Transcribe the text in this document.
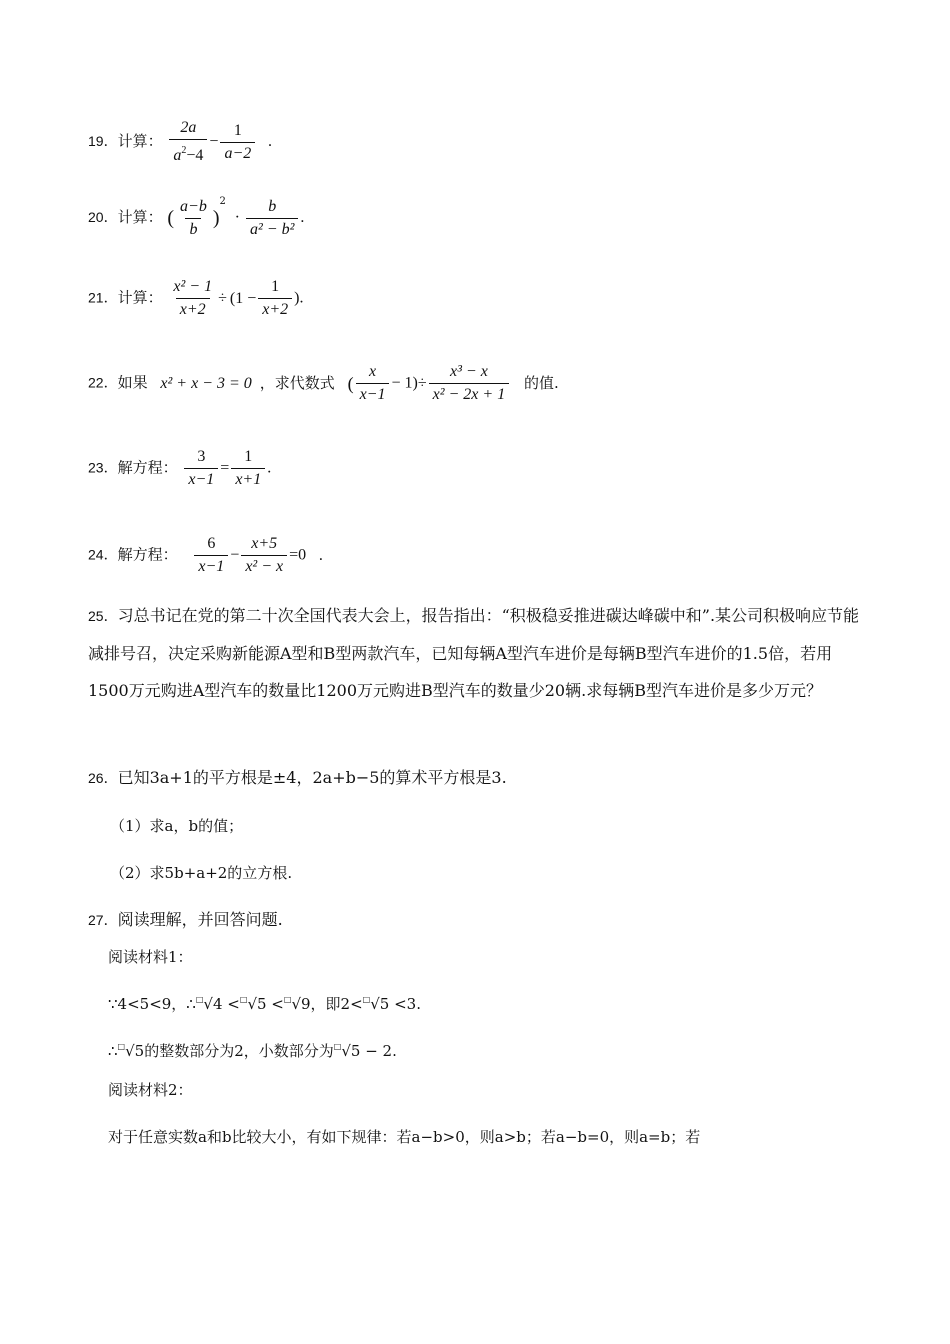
19．计算： $\frac{2a}{a^2-4} - \frac{1}{a-2}$ .
20．计算： ( $\frac{a-b}{b} )^2 \cdot \frac{b}{\text{a² − b²}}$ .
21．计算： $\frac{\text{x² − 1}}{x+2} \div (1 - \frac{1}{x+2}$ ).
22．如果 x² + x − 3 = 0 ，求代数式 ( $\frac{x}{x-1} - 1)\div \frac{\text{x³ − x}}{\text{x² − 2x + 1}}$ 的值.
23．解方程： $\frac{3}{x-1} = \frac{1}{x+1}$ .
24．解方程： $\frac{6}{x-1} - \frac{x+5}{\text{x² − x}} =0$ .
25．习总书记在党的第二十次全国代表大会上，报告指出：“积极稳妥推进碳达峰碳中和”.某公司积极响应节能减排号召，决定采购新能源A型和B型两款汽车，已知每辆A型汽车进价是每辆B型汽车进价的1.5倍，若用1500万元购进A型汽车的数量比1200万元购进B型汽车的数量少20辆.求每辆B型汽车进价是多少万元？
26．已知3a+1的平方根是±4，2a+b−5的算术平方根是3.
（1）求a，b的值；
（2）求5b+a+2的立方根.
27．阅读理解，并回答问题.
阅读材料1：
∵4<5<9，∴□√4 <□√5 <□√9，即2<□√5 <3.
∴□√5的整数部分为2，小数部分为□√5 − 2.
阅读材料2：
对于任意实数a和b比较大小，有如下规律：若a−b>0，则a>b；若a−b=0，则a=b；若
